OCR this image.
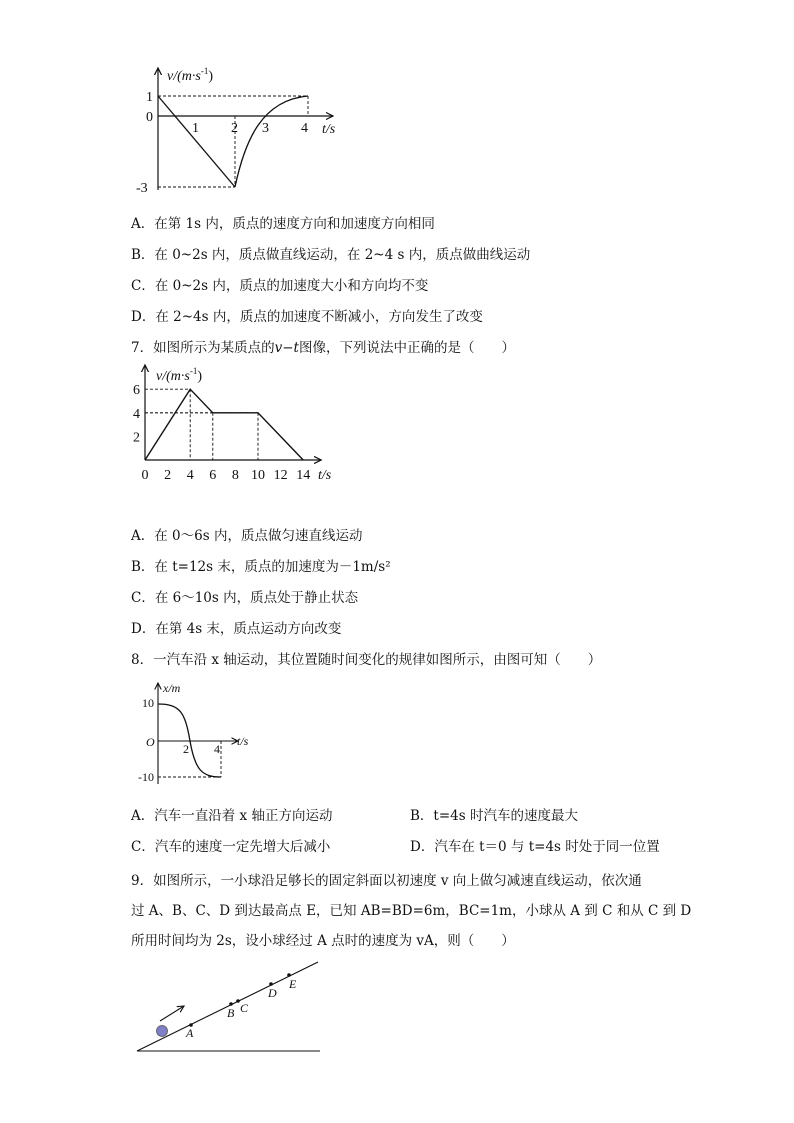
$v/(m\cdot s^{-1})$
t/s
0
1
-3
1 2 3 4
A．在第 1s 内，质点的速度方向和加速度方向相同
B．在 0~2s 内，质点做直线运动，在 2~4 s 内，质点做曲线运动
C．在 0~2s 内，质点的加速度大小和方向均不变
D．在 2~4s 内，质点的加速度不断减小，方向发生了改变
7．如图所示为某质点的v−t图像，下列说法中正确的是（　　）
$v/(m\cdot s^{-1})$
t/s
0 2 4 6 8 10 12 14
2
4
6
A．在 0～6s 内，质点做匀速直线运动
B．在 t=12s 末，质点的加速度为－1m/s²
C．在 6～10s 内，质点处于静止状态
D．在第 4s 末，质点运动方向改变
8．一汽车沿 x 轴运动，其位置随时间变化的规律如图所示，由图可知（　　）
x/m
t/s
O
10
-10
2 4
A．汽车一直沿着 x 轴正方向运动	B．t=4s 时汽车的速度最大
C．汽车的速度一定先增大后减小	D．汽车在 t＝0 与 t=4s 时处于同一位置
9．如图所示，一小球沿足够长的固定斜面以初速度 v 向上做匀减速直线运动，依次通
过 A、B、C、D 到达最高点 E，已知 AB=BD=6m，BC=1m，小球从 A 到 C 和从 C 到 D
所用时间均为 2s，设小球经过 A 点时的速度为 vA，则（　　）
A
B C
D
E
